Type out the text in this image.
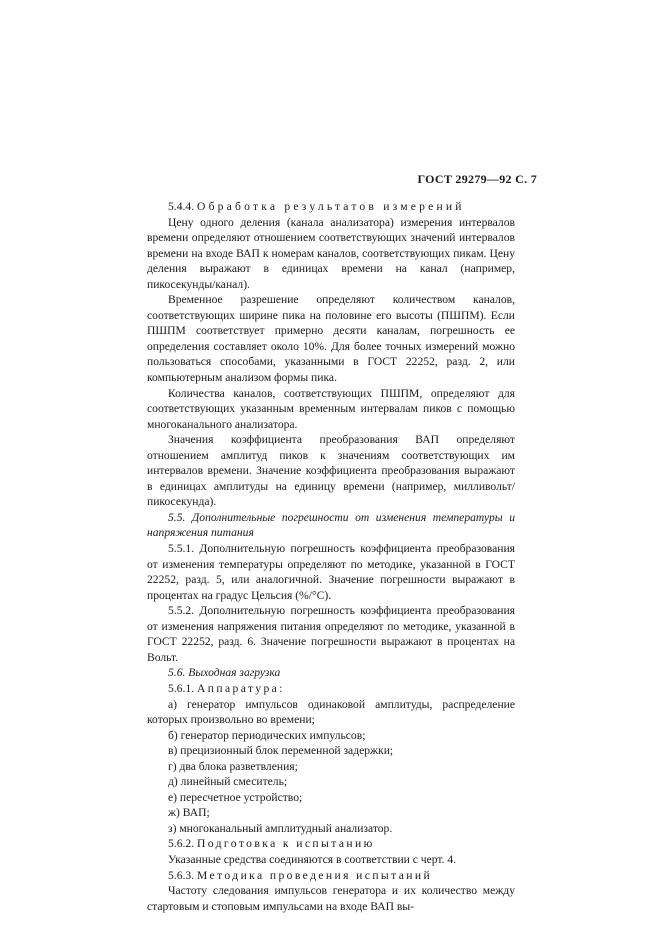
ГОСТ 29279—92 С. 7

5.4.4. Обработка результатов измерений

Цену одного деления (канала анализатора) измерения интервалов времени определяют отношением соответствующих значений интервалов времени на входе ВАП к номерам каналов, соответствующих пикам. Цену деления выражают в единицах времени на канал (например, пикосекунды/канал).

Временное разрешение определяют количеством каналов, соответствующих ширине пика на половине его высоты (ПШПМ). Если ПШПМ соответствует примерно десяти каналам, погрешность ее определения составляет около 10%. Для более точных измерений можно пользоваться способами, указанными в ГОСТ 22252, разд. 2, или компьютерным анализом формы пика.

Количества каналов, соответствующих ПШПМ, определяют для соответствующих указанным временным интервалам пиков с помощью многоканального анализатора.

Значения коэффициента преобразования ВАП определяют отношением амплитуд пиков к значениям соответствующих им интервалов времени. Значение коэффициента преобразования выражают в единицах амплитуды на единицу времени (например, милливольт/пикосекунда).

5.5. Дополнительные погрешности от изменения температуры и напряжения питания

5.5.1. Дополнительную погрешность коэффициента преобразования от изменения температуры определяют по методике, указанной в ГОСТ 22252, разд. 5, или аналогичной. Значение погрешности выражают в процентах на градус Цельсия (%/°С).

5.5.2. Дополнительную погрешность коэффициента преобразования от изменения напряжения питания определяют по методике, указанной в ГОСТ 22252, разд. 6. Значение погрешности выражают в процентах на Вольт.

5.6. Выходная загрузка

5.6.1. Аппаратура:

а) генератор импульсов одинаковой амплитуды, распределение которых произвольно во времени;

б) генератор периодических импульсов;

в) прецизионный блок переменной задержки;

г) два блока разветвления;

д) линейный смеситель;

е) пересчетное устройство;

ж) ВАП;

з) многоканальный амплитудный анализатор.

5.6.2. Подготовка к испытанию

Указанные средства соединяются в соответствии с черт. 4.

5.6.3. Методика проведения испытаний

Частоту следования импульсов генератора и их количество между стартовым и стоповым импульсами на входе ВАП вы-
